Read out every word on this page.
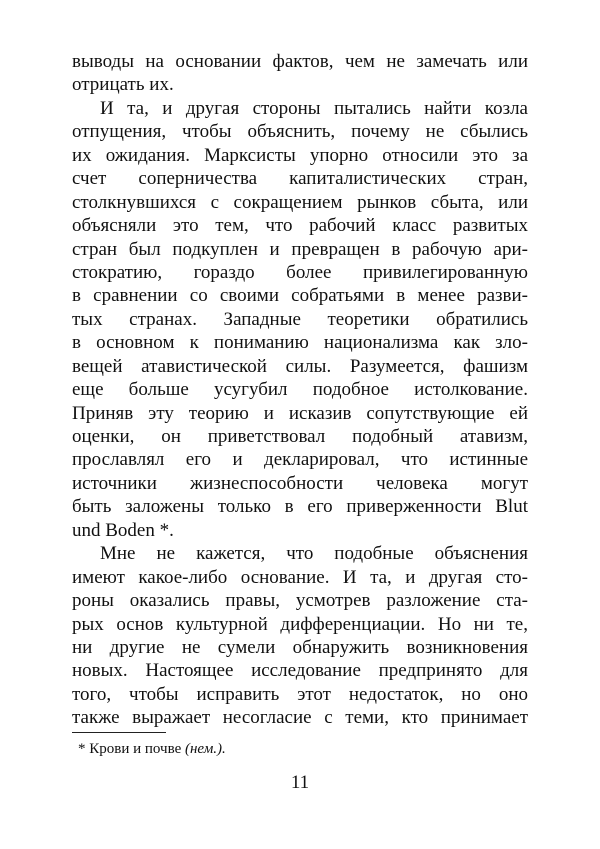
выводы на основании фактов, чем не замечать или
отрицать их.
И та, и другая стороны пытались найти козла
отпущения, чтобы объяснить, почему не сбылись
их ожидания. Марксисты упорно относили это за
счет соперничества капиталистических стран,
столкнувшихся с сокращением рынков сбыта, или
объясняли это тем, что рабочий класс развитых
стран был подкуплен и превращен в рабочую ари-
стократию, гораздо более привилегированную
в сравнении со своими собратьями в менее разви-
тых странах. Западные теоретики обратились
в основном к пониманию национализма как зло-
вещей атавистической силы. Разумеется, фашизм
еще больше усугубил подобное истолкование.
Приняв эту теорию и исказив сопутствующие ей
оценки, он приветствовал подобный атавизм,
прославлял его и декларировал, что истинные
источники жизнеспособности человека могут
быть заложены только в его приверженности Blut
und Boden *.
Мне не кажется, что подобные объяснения
имеют какое-либо основание. И та, и другая сто-
роны оказались правы, усмотрев разложение ста-
рых основ культурной дифференциации. Но ни те,
ни другие не сумели обнаружить возникновения
новых. Настоящее исследование предпринято для
того, чтобы исправить этот недостаток, но оно
также выражает несогласие с теми, кто принимает
* Крови и почве (нем.).
11
